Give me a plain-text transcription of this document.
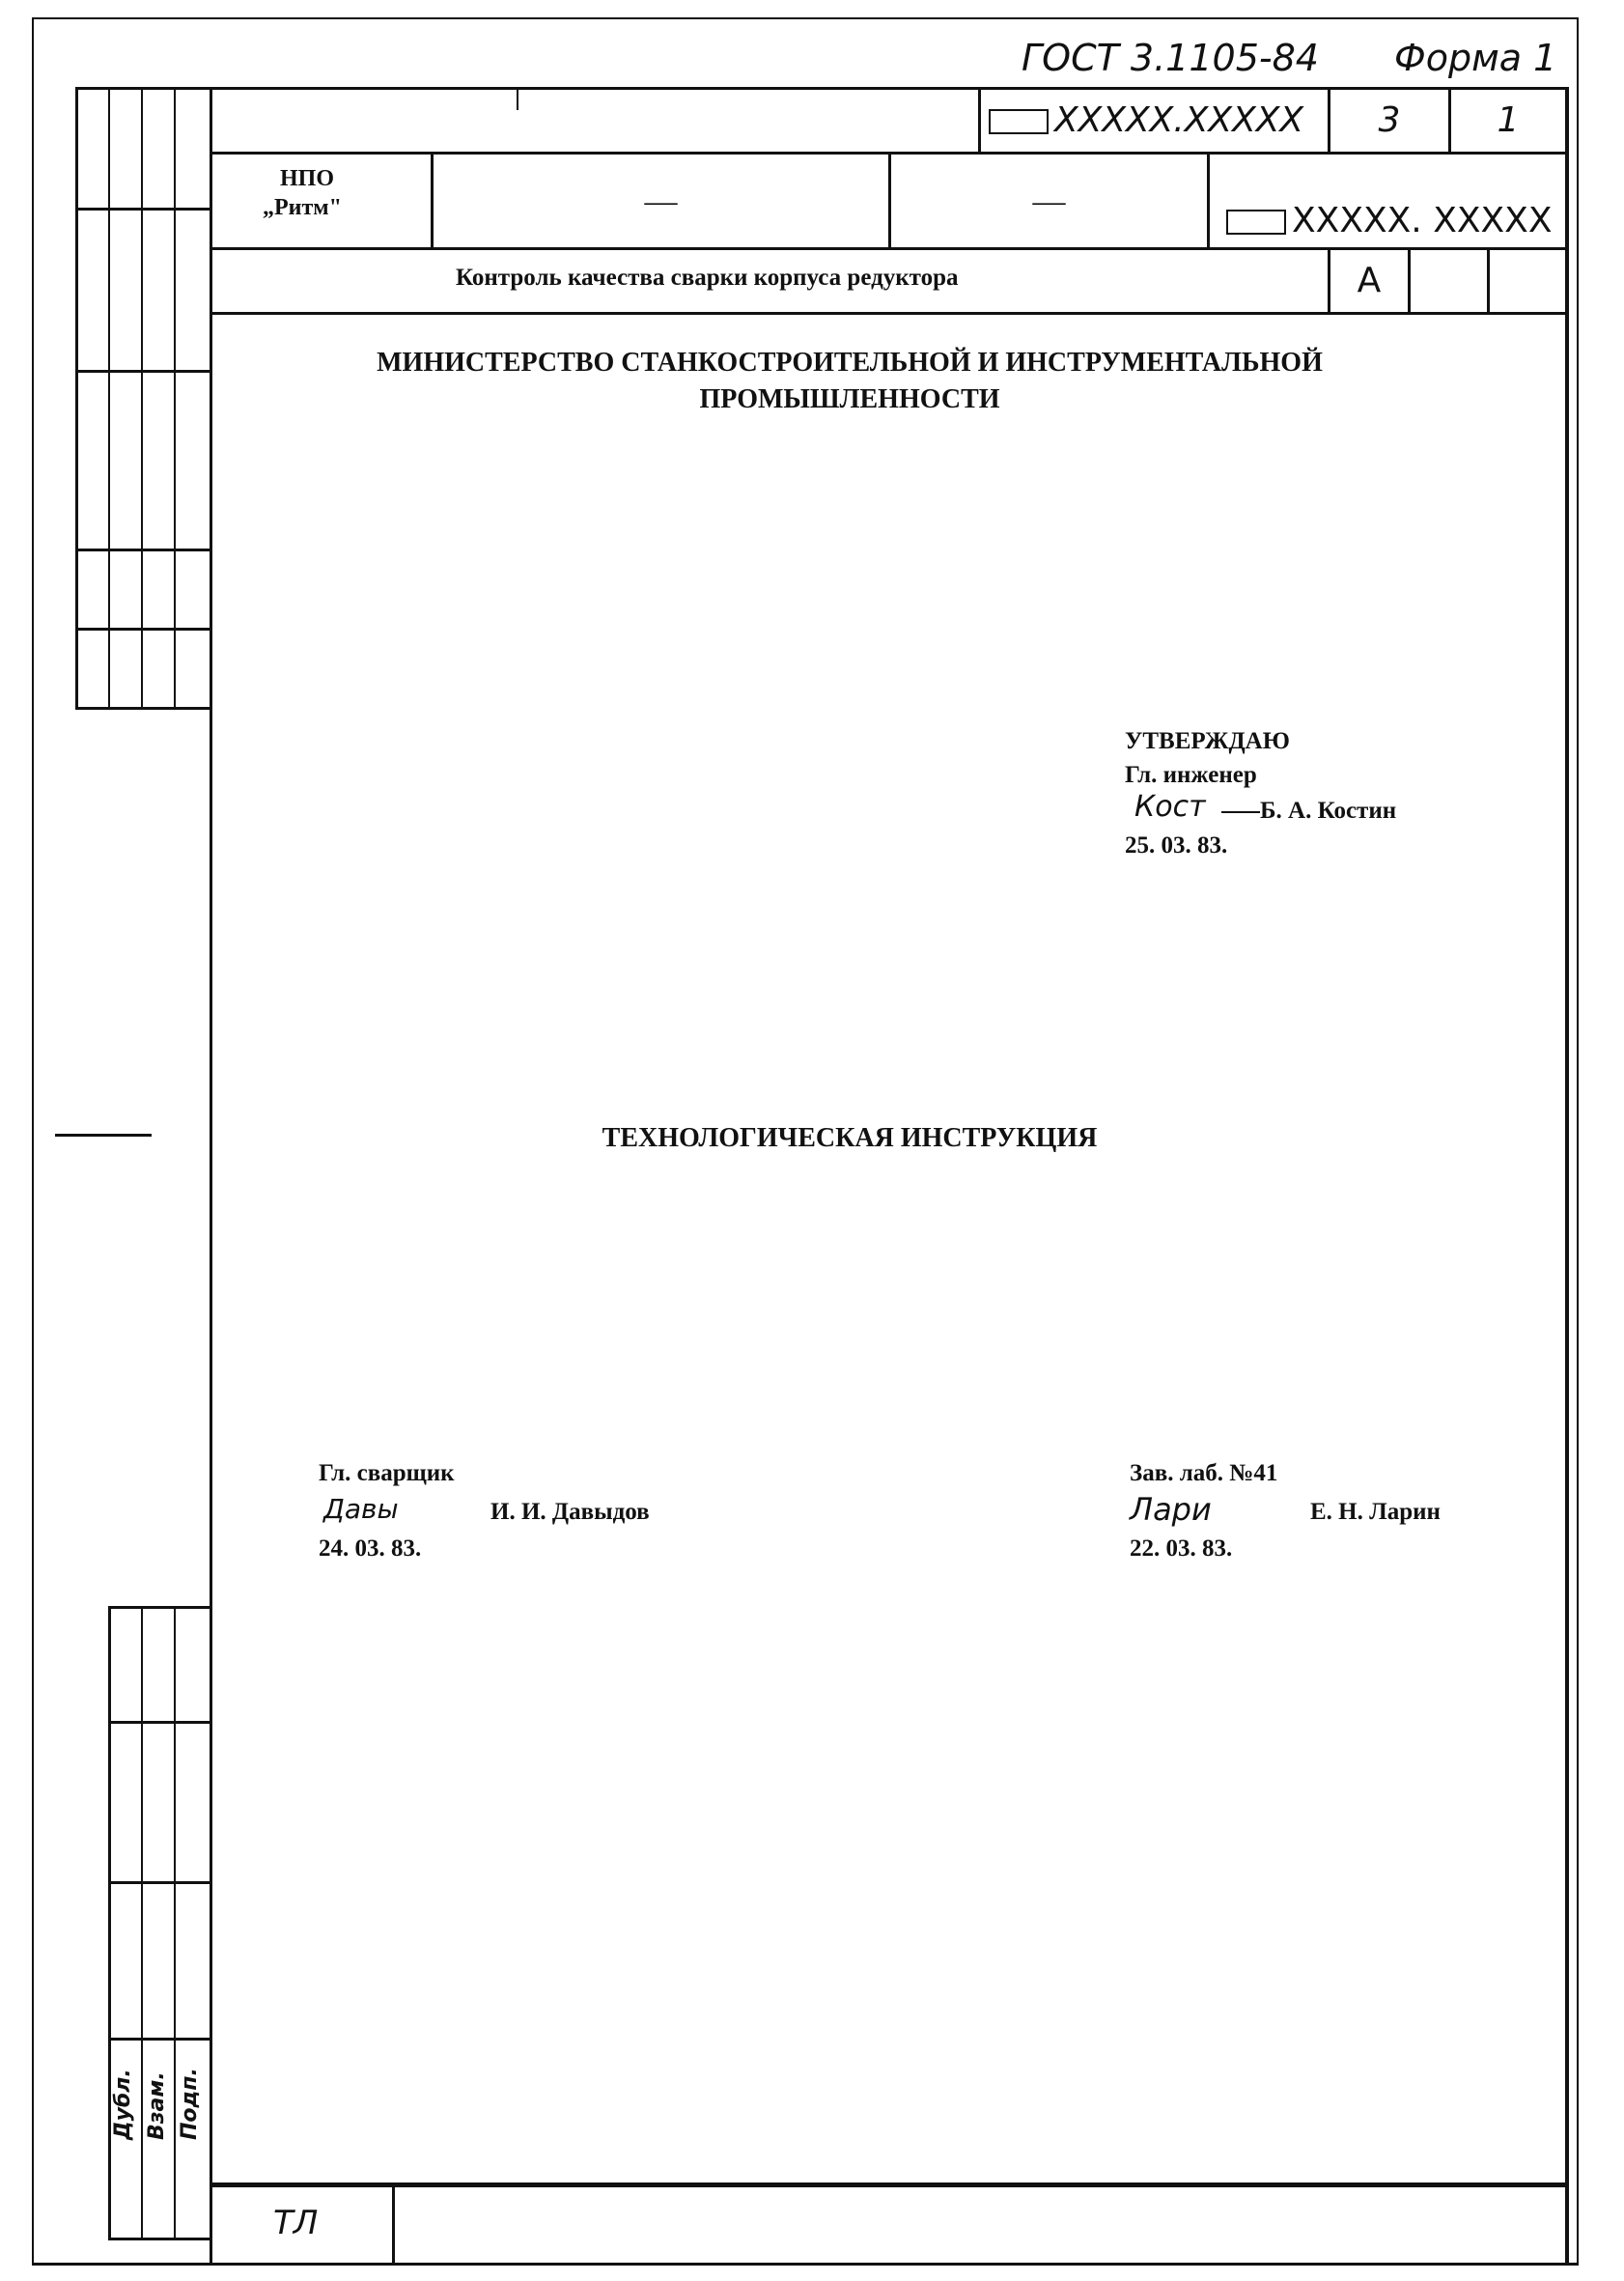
ГОСТ 3.1105-84 Форма 1
Дубл. Взам. Подп.
XXXXX.XXXXX	3	1
НПО
„Ритм"	—	—	XXXXX. XXXXX
Контроль качества сварки корпуса редуктора	А
МИНИСТЕРСТВО СТАНКОСТРОИТЕЛЬНОЙ И ИНСТРУМЕНТАЛЬНОЙ
ПРОМЫШЛЕННОСТИ
УТВЕРЖДАЮ
Гл. инженер
Кост Б. А. Костин
25. 03. 83.
ТЕХНОЛОГИЧЕСКАЯ ИНСТРУКЦИЯ
Гл. сварщик
Давы	И. И. Давыдов
24. 03. 83.
Зав. лаб. №41
Лари	Е. Н. Ларин
22. 03. 83.
ТЛ
